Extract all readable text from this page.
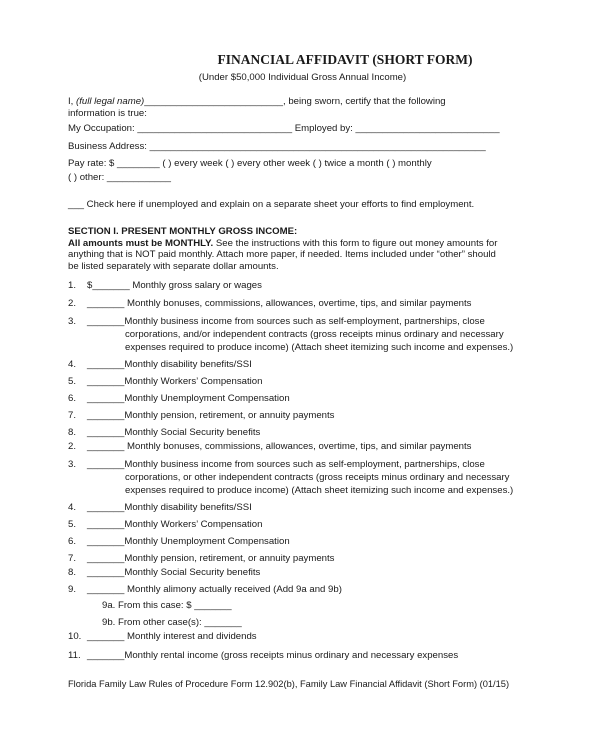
FINANCIAL AFFIDAVIT (SHORT FORM)
(Under $50,000 Individual Gross Annual Income)
I, (full legal name)__________________________, being sworn, certify that the following
information is true:
My Occupation: _____________________________ Employed by: ___________________________
Business Address: _______________________________________________________________
Pay rate: $ ________ ( ) every week ( ) every other week ( ) twice a month ( ) monthly
( ) other: ____________
___ Check here if unemployed and explain on a separate sheet your efforts to find employment.
SECTION I. PRESENT MONTHLY GROSS INCOME:
All amounts must be MONTHLY. See the instructions with this form to figure out money amounts for
anything that is NOT paid monthly. Attach more paper, if needed. Items included under “other” should
be listed separately with separate dollar amounts.
1. $_______ Monthly gross salary or wages
2. _______ Monthly bonuses, commissions, allowances, overtime, tips, and similar payments
3. _______Monthly business income from sources such as self-employment, partnerships, close
corporations, and/or independent contracts (gross receipts minus ordinary and necessary
expenses required to produce income) (Attach sheet itemizing such income and expenses.)
4. _______Monthly disability benefits/SSI
5. _______Monthly Workers’ Compensation
6. _______Monthly Unemployment Compensation
7. _______Monthly pension, retirement, or annuity payments
8. _______Monthly Social Security benefits
2. _______ Monthly bonuses, commissions, allowances, overtime, tips, and similar payments
3. _______Monthly business income from sources such as self-employment, partnerships, close
corporations, or other independent contracts (gross receipts minus ordinary and necessary
expenses required to produce income) (Attach sheet itemizing such income and expenses.)
4. _______Monthly disability benefits/SSI
5. _______Monthly Workers’ Compensation
6. _______Monthly Unemployment Compensation
7. _______Monthly pension, retirement, or annuity payments
8. _______Monthly Social Security benefits
9. _______ Monthly alimony actually received (Add 9a and 9b)
9a. From this case: $ _______
9b. From other case(s): _______
10. _______ Monthly interest and dividends
11. _______Monthly rental income (gross receipts minus ordinary and necessary expenses
Florida Family Law Rules of Procedure Form 12.902(b), Family Law Financial Affidavit (Short Form) (01/15)
